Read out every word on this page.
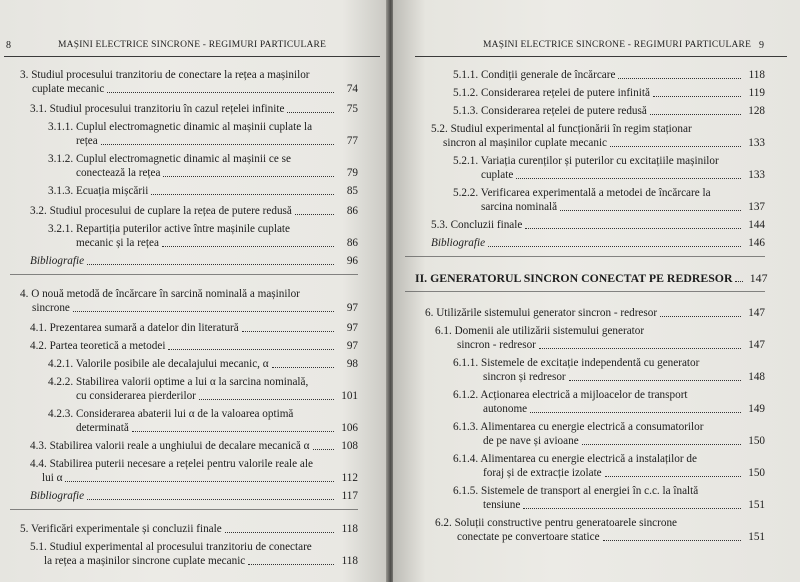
8	MAȘINI ELECTRICE SINCRONE - REGIMURI PARTICULARE
3. Studiul procesului tranzitoriu de conectare la rețea a mașinilor
cuplate mecanic	74
3.1. Studiul procesului tranzitoriu în cazul rețelei infinite	75
3.1.1. Cuplul electromagnetic dinamic al mașinii cuplate la
rețea	77
3.1.2. Cuplul electromagnetic dinamic al mașinii ce se
conectează la rețea	79
3.1.3. Ecuația mișcării	85
3.2. Studiul procesului de cuplare la rețea de putere redusă	86
3.2.1. Repartiția puterilor active între mașinile cuplate
mecanic și la rețea	86
Bibliografie	96
4. O nouă metodă de încărcare în sarcină nominală a mașinilor
sincrone	97
4.1. Prezentarea sumară a datelor din literatură	97
4.2. Partea teoretică a metodei	97
4.2.1. Valorile posibile ale decalajului mecanic, α	98
4.2.2. Stabilirea valorii optime a lui α la sarcina nominală,
cu considerarea pierderilor	101
4.2.3. Considerarea abaterii lui α de la valoarea optimă
determinată	106
4.3. Stabilirea valorii reale a unghiului de decalare mecanică α	108
4.4. Stabilirea puterii necesare a rețelei pentru valorile reale ale
lui α	112
Bibliografie	117
5. Verificări experimentale și concluzii finale	118
5.1. Studiul experimental al procesului tranzitoriu de conectare
la rețea a mașinilor sincrone cuplate mecanic	118
MAȘINI ELECTRICE SINCRONE - REGIMURI PARTICULARE 9
5.1.1. Condiții generale de încărcare	118
5.1.2. Considerarea rețelei de putere infinită	119
5.1.3. Considerarea rețelei de putere redusă	128
5.2. Studiul experimental al funcționării în regim staționar
sincron al mașinilor cuplate mecanic	133
5.2.1. Variația curenților și puterilor cu excitațiile mașinilor
cuplate	133
5.2.2. Verificarea experimentală a metodei de încărcare la
sarcina nominală	137
5.3. Concluzii finale	144
Bibliografie	146
II. GENERATORUL SINCRON CONECTAT PE REDRESOR	147
6. Utilizările sistemului generator sincron - redresor	147
6.1. Domenii ale utilizării sistemului generator
sincron - redresor	147
6.1.1. Sistemele de excitație independentă cu generator
sincron și redresor	148
6.1.2. Acționarea electrică a mijloacelor de transport
autonome	149
6.1.3. Alimentarea cu energie electrică a consumatorilor
de pe nave și avioane	150
6.1.4. Alimentarea cu energie electrică a instalaților de
foraj și de extracție izolate	150
6.1.5. Sistemele de transport al energiei în c.c. la înaltă
tensiune	151
6.2. Soluții constructive pentru generatoarele sincrone
conectate pe convertoare statice	151
